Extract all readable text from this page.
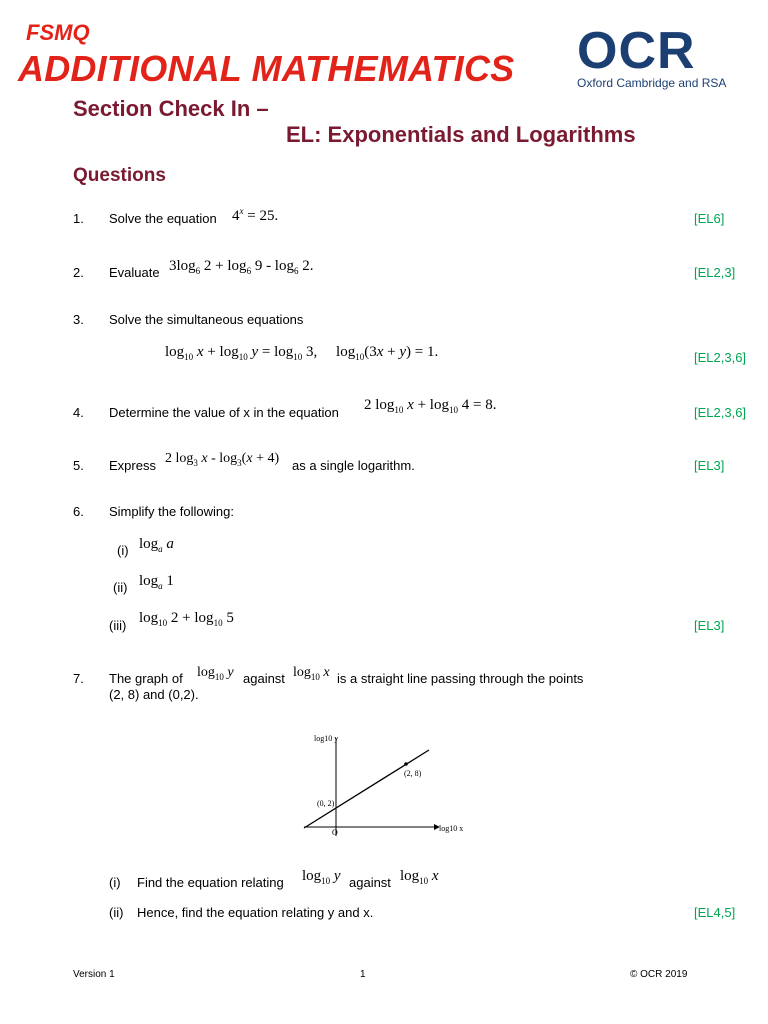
FSMQ
ADDITIONAL MATHEMATICS OCR
Oxford Cambridge and RSA
Section Check In –
EL: Exponentials and Logarithms
Questions
1. Solve the equation $4^x = 25$.	[EL6]
2. Evaluate $3\log_6$ $2 + \log_6 9 - \log_6 2$.	[EL2,3]
3. Solve the simultaneous equations
$\log_{10} x + \log_{10} y = \log_{10} 3$,     $\log_{10}(3x + y) = 1$.	[EL2,3,6]
4. Determine the value of x in the equation 2 $\log_{10} x + \log_{10} 4 = 8$.	[EL2,3,6]
5. Express 2 $\log_3 x - \log_3(x + 4)$ as a single logarithm.	[EL3]
6. Simplify the following:
(i) $\log_a a$
(ii) $\log_a 1$
(iii) $\log_{10} 2 + \log_{10} 5$	[EL3]
7. The graph of $\log_{10} y$ against $\log_{10} x$ is a straight line passing through the points
(2, 8) and (0,2).
log10 y
log10 x
O
(2, 8)
(0, 2)
(i) Find the equation relating $\log_{10} y$ against $\log_{10} x$
(ii) Hence, find the equation relating y and x.	[EL4,5]
Version 1	1	© OCR 2019
